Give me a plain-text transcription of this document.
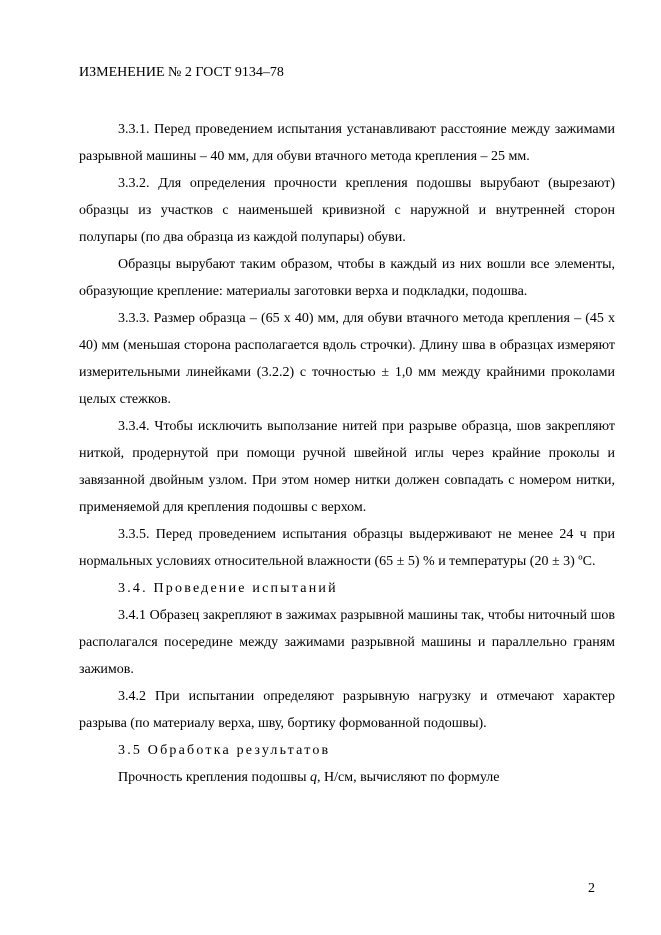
ИЗМЕНЕНИЕ № 2 ГОСТ 9134–78

3.3.1. Перед проведением испытания устанавливают расстояние между зажимами разрывной машины – 40 мм, для обуви втачного метода крепления – 25 мм.

3.3.2. Для определения прочности крепления подошвы вырубают (вырезают) образцы из участков с наименьшей кривизной с наружной и внутренней сторон полупары (по два образца из каждой полупары) обуви.

Образцы вырубают таким образом, чтобы в каждый из них вошли все элементы, образующие крепление: материалы заготовки верха и подкладки, подошва.

3.3.3. Размер образца – (65 х 40) мм, для обуви втачного метода крепления – (45 х 40) мм (меньшая сторона располагается вдоль строчки). Длину шва в образцах измеряют измерительными линейками (3.2.2) с точностью ± 1,0 мм между крайними проколами целых стежков.

3.3.4. Чтобы исключить выползание нитей при разрыве образца, шов закрепляют ниткой, продернутой при помощи ручной швейной иглы через крайние проколы и завязанной двойным узлом. При этом номер нитки должен совпадать с номером нитки, применяемой для крепления подошвы с верхом.

3.3.5. Перед проведением испытания образцы выдерживают не менее 24 ч при нормальных условиях относительной влажности (65 ± 5) % и температуры (20 ± 3) ºС.

3.4. Проведение испытаний

3.4.1 Образец закрепляют в зажимах разрывной машины так, чтобы ниточный шов располагался посередине между зажимами разрывной машины и параллельно граням зажимов.

3.4.2 При испытании определяют разрывную нагрузку и отмечают характер разрыва (по материалу верха, шву, бортику формованной подошвы).

3.5 Обработка результатов

Прочность крепления подошвы q, Н/см, вычисляют по формуле

2
